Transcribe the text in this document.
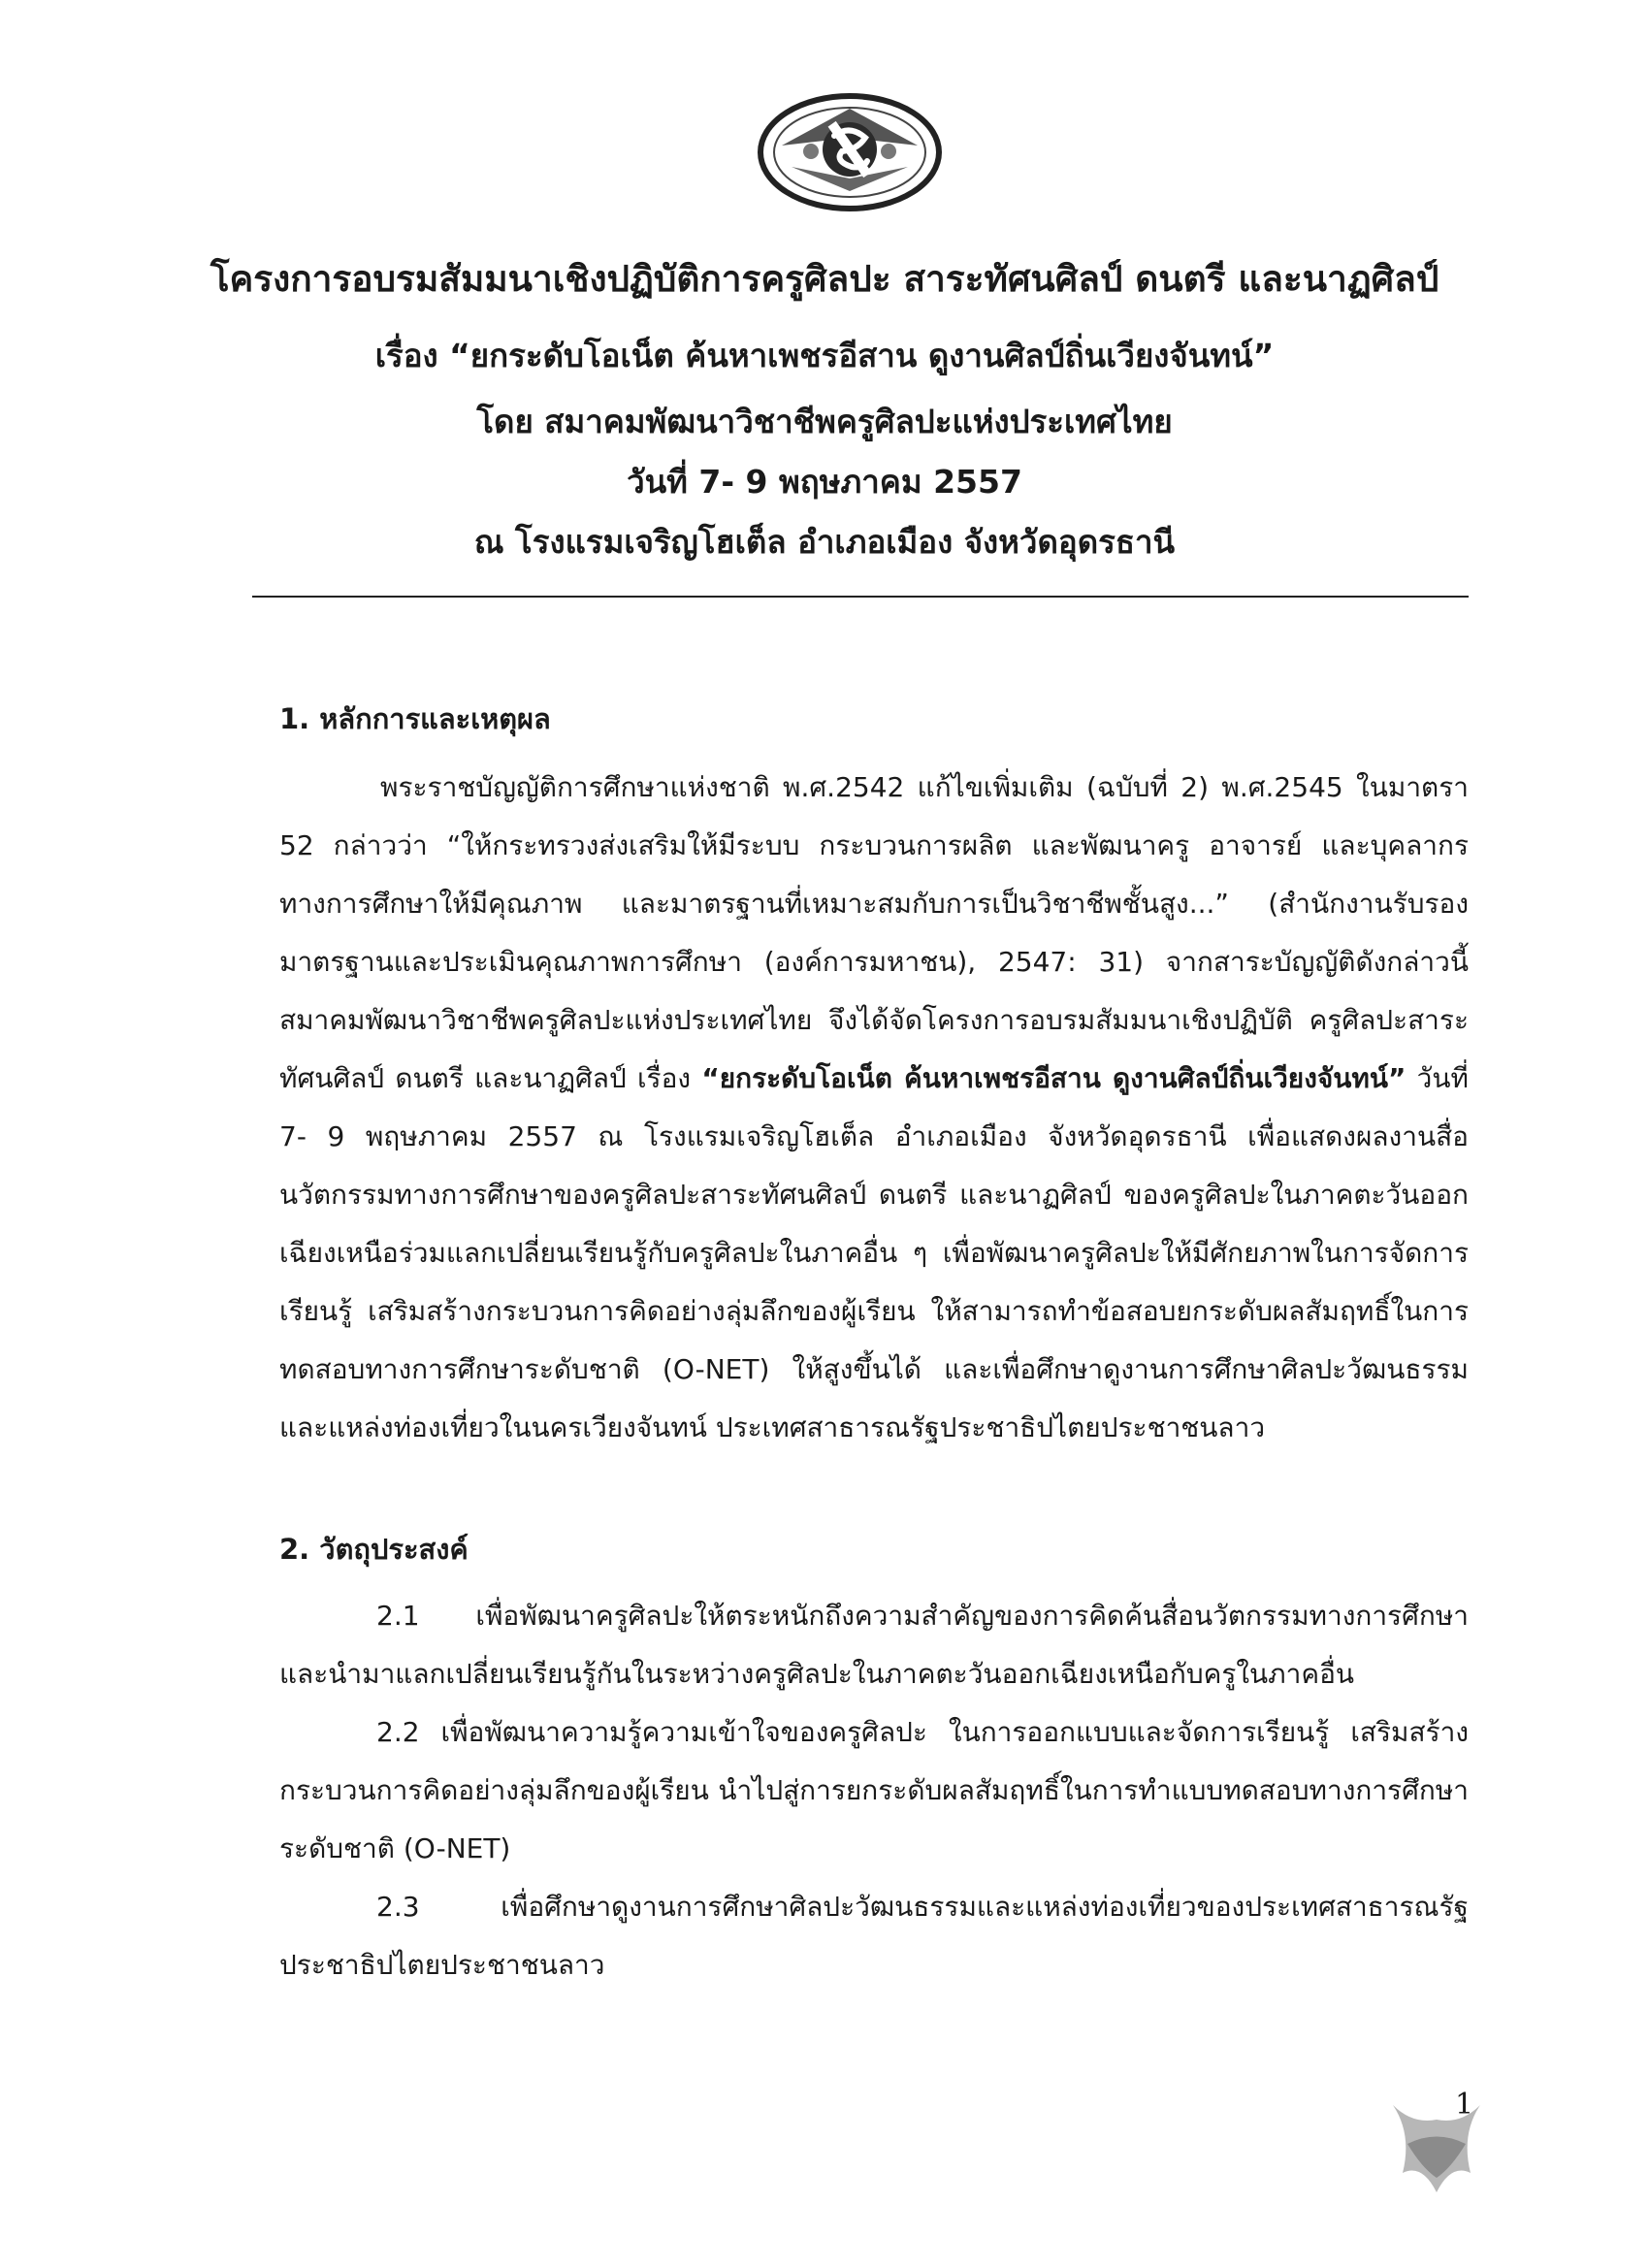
โครงการอบรมสัมมนาเชิงปฏิบัติการครูศิลปะ สาระทัศนศิลป์ ดนตรี และนาฏศิลป์
เรื่อง “ยกระดับโอเน็ต ค้นหาเพชรอีสาน ดูงานศิลป์ถิ่นเวียงจันทน์”
โดย สมาคมพัฒนาวิชาชีพครูศิลปะแห่งประเทศไทย
วันที่ 7- 9 พฤษภาคม 2557
ณ โรงแรมเจริญโฮเต็ล อำเภอเมือง จังหวัดอุดรธานี
1. หลักการและเหตุผล
พระราชบัญญัติการศึกษาแห่งชาติ พ.ศ.2542 แก้ไขเพิ่มเติม (ฉบับที่ 2) พ.ศ.2545 ในมาตรา 52 กล่าวว่า “ให้กระทรวงส่งเสริมให้มีระบบ กระบวนการผลิต และพัฒนาครู อาจารย์ และบุคลากรทางการศึกษาให้มีคุณภาพ และมาตรฐานที่เหมาะสมกับการเป็นวิชาชีพชั้นสูง...” (สำนักงานรับรองมาตรฐานและประเมินคุณภาพการศึกษา (องค์การมหาชน), 2547: 31) จากสาระบัญญัติดังกล่าวนี้ สมาคมพัฒนาวิชาชีพครูศิลปะแห่งประเทศไทย จึงได้จัดโครงการอบรมสัมมนาเชิงปฏิบัติ ครูศิลปะสาระทัศนศิลป์ ดนตรี และนาฏศิลป์ เรื่อง “ยกระดับโอเน็ต ค้นหาเพชรอีสาน ดูงานศิลป์ถิ่นเวียงจันทน์” วันที่ 7- 9 พฤษภาคม 2557 ณ โรงแรมเจริญโฮเต็ล อำเภอเมือง จังหวัดอุดรธานี เพื่อแสดงผลงานสื่อนวัตกรรมทางการศึกษาของครูศิลปะสาระทัศนศิลป์ ดนตรี และนาฏศิลป์ ของครูศิลปะในภาคตะวันออกเฉียงเหนือร่วมแลกเปลี่ยนเรียนรู้กับครูศิลปะในภาคอื่น ๆ เพื่อพัฒนาครูศิลปะให้มีศักยภาพในการจัดการเรียนรู้ เสริมสร้างกระบวนการคิดอย่างลุ่มลึกของผู้เรียน ให้สามารถทำข้อสอบยกระดับผลสัมฤทธิ์ในการทดสอบทางการศึกษาระดับชาติ (O-NET) ให้สูงขึ้นได้ และเพื่อศึกษาดูงานการศึกษาศิลปะวัฒนธรรมและแหล่งท่องเที่ยวในนครเวียงจันทน์ ประเทศสาธารณรัฐประชาธิปไตยประชาชนลาว
2. วัตถุประสงค์
2.1 เพื่อพัฒนาครูศิลปะให้ตระหนักถึงความสำคัญของการคิดค้นสื่อนวัตกรรมทางการศึกษาและนำมาแลกเปลี่ยนเรียนรู้กันในระหว่างครูศิลปะในภาคตะวันออกเฉียงเหนือกับครูในภาคอื่น
2.2 เพื่อพัฒนาความรู้ความเข้าใจของครูศิลปะ ในการออกแบบและจัดการเรียนรู้ เสริมสร้างกระบวนการคิดอย่างลุ่มลึกของผู้เรียน นำไปสู่การยกระดับผลสัมฤทธิ์ในการทำแบบทดสอบทางการศึกษาระดับชาติ (O-NET)
2.3 เพื่อศึกษาดูงานการศึกษาศิลปะวัฒนธรรมและแหล่งท่องเที่ยวของประเทศสาธารณรัฐประชาธิปไตยประชาชนลาว
1
